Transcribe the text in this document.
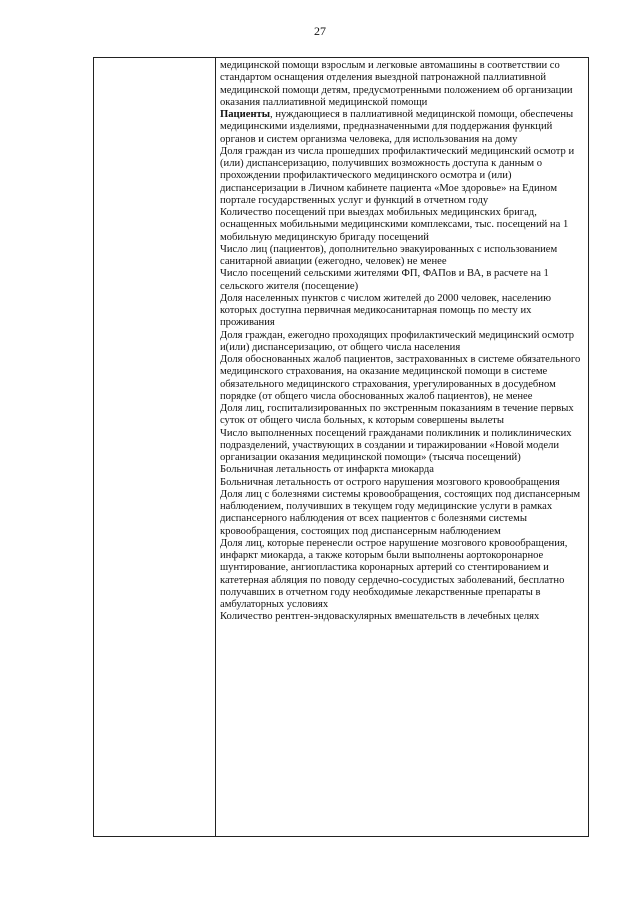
27

медицинской помощи взрослым и легковые автомашины в соответствии со стандартом оснащения отделения выездной патронажной паллиативной медицинской помощи детям, предусмотренными положением об организации оказания паллиативной медицинской помощи

Пациенты, нуждающиеся в паллиативной медицинской помощи, обеспечены медицинскими изделиями, предназначенными для поддержания функций органов и систем организма человека, для использования на дому

Доля граждан из числа прошедших профилактический медицинский осмотр и (или) диспансеризацию, получивших возможность доступа к данным о прохождении профилактического медицинского осмотра и (или) диспансеризации в Личном кабинете пациента «Мое здоровье» на Едином портале государственных услуг и функций в отчетном году

Количество посещений при выездах мобильных медицинских бригад, оснащенных мобильными медицинскими комплексами, тыс. посещений на 1 мобильную медицинскую бригаду посещений

Число лиц (пациентов), дополнительно эвакуированных с использованием санитарной авиации (ежегодно, человек) не менее

Число посещений сельскими жителями ФП, ФАПов и ВА, в расчете на 1 сельского жителя (посещение)

Доля населенных пунктов с числом жителей до 2000 человек, населению которых доступна первичная медикосанитарная помощь по месту их проживания

Доля граждан, ежегодно проходящих профилактический медицинский осмотр и(или) диспансеризацию, от общего числа населения

Доля обоснованных жалоб пациентов, застрахованных в системе обязательного медицинского страхования, на оказание медицинской помощи в системе обязательного медицинского страхования, урегулированных в досудебном порядке (от общего числа обоснованных жалоб пациентов), не менее

Доля лиц, госпитализированных по экстренным показаниям в течение первых суток от общего числа больных, к которым совершены вылеты

Число выполненных посещений гражданами поликлиник и поликлинических подразделений, участвующих в создании и тиражировании «Новой модели организации оказания медицинской помощи» (тысяча посещений)

Больничная летальность от инфаркта миокарда

Больничная летальность от острого нарушения мозгового кровообращения

Доля лиц с болезнями системы кровообращения, состоящих под диспансерным наблюдением, получивших в текущем году медицинские услуги в рамках диспансерного наблюдения от всех пациентов с болезнями системы кровообращения, состоящих под диспансерным наблюдением

Доля лиц, которые перенесли острое нарушение мозгового кровообращения, инфаркт миокарда, а также которым были выполнены аортокоронарное шунтирование, ангиопластика коронарных артерий со стентированием и катетерная абляция по поводу сердечно-сосудистых заболеваний, бесплатно получавших в отчетном году необходимые лекарственные препараты в амбулаторных условиях

Количество рентген-эндоваскулярных вмешательств в лечебных целях
